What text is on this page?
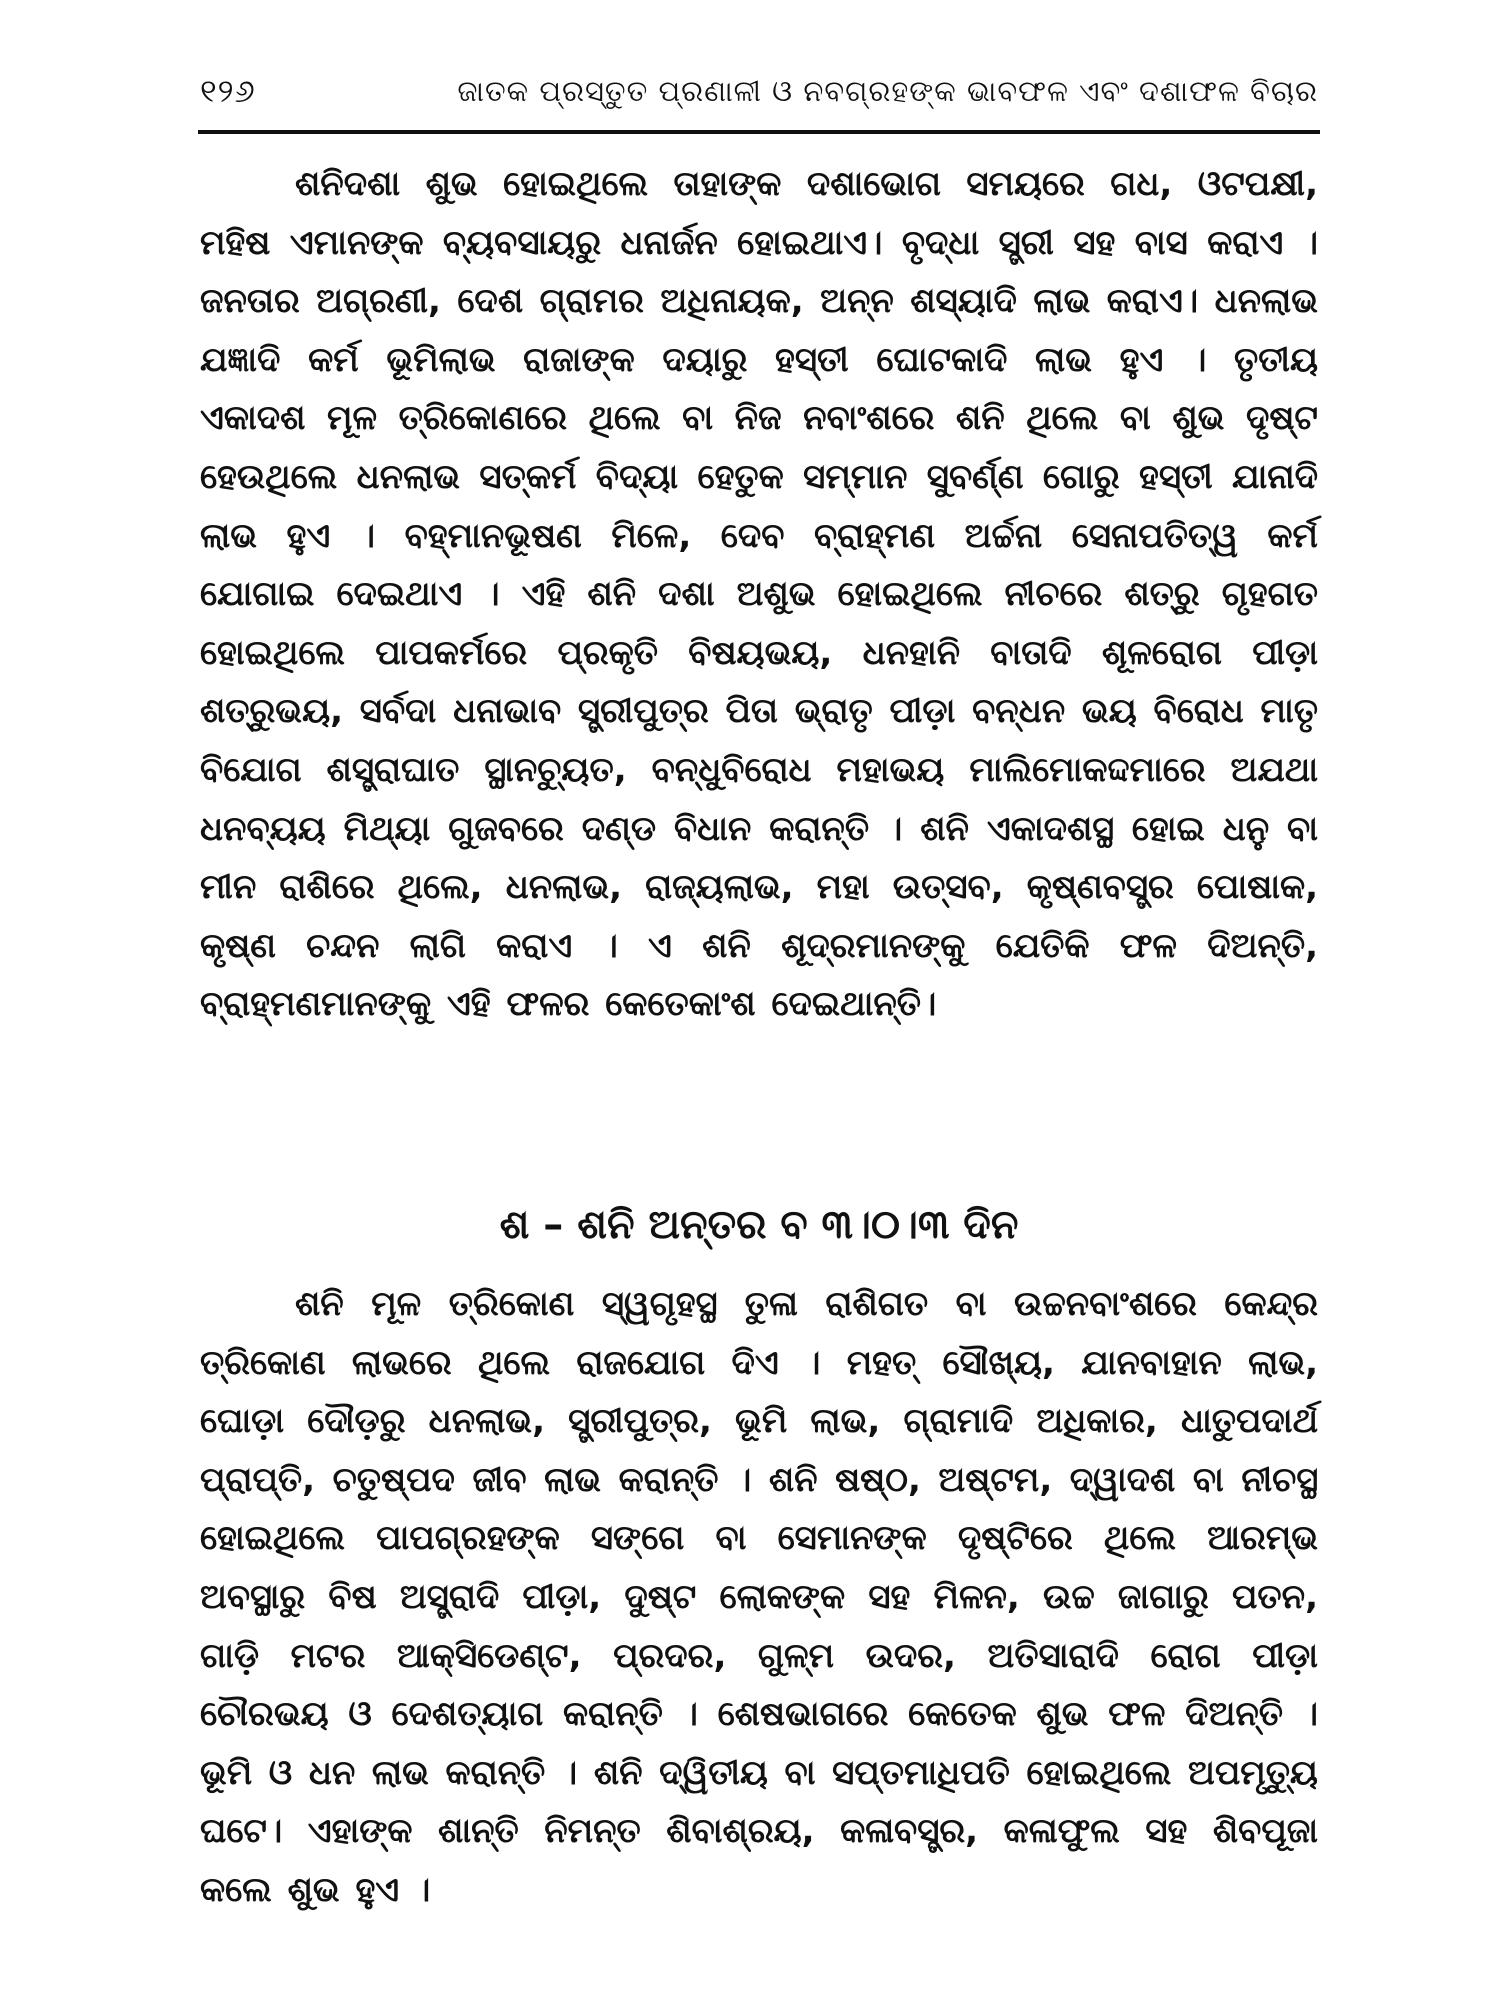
୧୨୬	ଜାତକ ପ୍ରସ୍ତୁତ ପ୍ରଣାଳୀ ଓ ନବଗ୍ରହଙ୍କ ଭାବଫଳ ଏବଂ ଦଶାଫଳ ବିଚାର

ଶନିଦଶା ଶୁଭ ହୋଇଥିଲେ ତାହାଙ୍କ ଦଶାଭୋଗ ସମୟରେ ଗଧ, ଓଟପକ୍ଷୀ, ମହିଷ ଏମାନଙ୍କ ବ୍ୟବସାୟରୁ ଧନାର୍ଜନ ହୋଇଥାଏ। ବୃଦ୍ଧା ସ୍ତ୍ରୀ ସହ ବାସ କରାଏ । ଜନତାର ଅଗ୍ରଣୀ, ଦେଶ ଗ୍ରାମର ଅଧିନାୟକ, ଅନ୍ନ ଶସ୍ୟାଦି ଲାଭ କରାଏ। ଧନଲାଭ ଯଜ୍ଞାଦି କର୍ମ ଭୂମିଲାଭ ରାଜାଙ୍କ ଦୟାରୁ ହସ୍ତୀ ଘୋଟକାଦି ଲାଭ ହୁଏ । ତୃତୀୟ ଏକାଦଶ ମୂଳ ତ୍ରିକୋଣରେ ଥିଲେ ବା ନିଜ ନବାଂଶରେ ଶନି ଥିଲେ ବା ଶୁଭ ଦୃଷ୍ଟ ହେଉଥିଲେ ଧନଲାଭ ସତ୍‌କର୍ମ ବିଦ୍ୟା ହେତୁକ ସମ୍ମାନ ସୁବର୍ଣ୍ଣ ଗୋରୁ ହସ୍ତୀ ଯାନାଦି ଲାଭ ହୁଏ । ବହ୍ମାନଭୂଷଣ ମିଳେ, ଦେବ ବ୍ରାହ୍ମଣ ଅର୍ଚ୍ଚନା ସେନାପତିତ୍ୱ କର୍ମ ଯୋଗାଇ ଦେଇଥାଏ । ଏହି ଶନି ଦଶା ଅଶୁଭ ହୋଇଥିଲେ ନୀଚରେ ଶତ୍ରୁ ଗୃହଗତ ହୋଇଥିଲେ ପାପକର୍ମରେ ପ୍ରକୃତି ବିଷୟଭୟ, ଧନହାନି ବାତାଦି ଶୂଳରୋଗ ପୀଡ଼ା ଶତ୍ରୁଭୟ, ସର୍ବଦା ଧନାଭାବ ସ୍ତ୍ରୀପୁତ୍ର ପିତା ଭ୍ରାତୃ ପୀଡ଼ା ବନ୍ଧନ ଭୟ ବିରୋଧ ମାତୃ ବିଯୋଗ ଶସ୍ତ୍ରାଘାତ ସ୍ଥାନଚ୍ୟୁତ, ବନ୍ଧୁବିରୋଧ ମହାଭୟ ମାଲିମୋକଦ୍ଦମାରେ ଅଯଥା ଧନବ୍ୟୟ ମିଥ୍ୟା ଗୁଜବରେ ଦଣ୍ଡ ବିଧାନ କରାନ୍ତି । ଶନି ଏକାଦଶସ୍ଥ ହୋଇ ଧନୁ ବା ମୀନ ରାଶିରେ ଥିଲେ, ଧନଲାଭ, ରାଜ୍ୟଲାଭ, ମହା ଉତ୍ସବ, କୃଷ୍ଣବସ୍ତ୍ର ପୋଷାକ, କୃଷ୍ଣ ଚନ୍ଦନ ଲାଗି କରାଏ । ଏ ଶନି ଶୂଦ୍ରମାନଙ୍କୁ ଯେତିକି ଫଳ ଦିଅନ୍ତି, ବ୍ରାହ୍ମଣମାନଙ୍କୁ ଏହି ଫଳର କେତେକାଂଶ ଦେଇଥାନ୍ତି।

ଶ – ଶନି ଅନ୍ତର ବ ୩।୦।୩ ଦିନ

ଶନି ମୂଳ ତ୍ରିକୋଣ ସ୍ୱଗୃହସ୍ଥ ତୁଳା ରାଶିଗତ ବା ଉଚ୍ଚନବାଂଶରେ କେନ୍ଦ୍ର ତ୍ରିକୋଣ ଲାଭରେ ଥିଲେ ରାଜଯୋଗ ଦିଏ । ମହତ୍ ସୌଖ୍ୟ, ଯାନବାହାନ ଲାଭ, ଘୋଡ଼ା ଦୌଡ଼ରୁ ଧନଲାଭ, ସ୍ତ୍ରୀପୁତ୍ର, ଭୂମି ଲାଭ, ଗ୍ରାମାଦି ଅଧିକାର, ଧାତୁପଦାର୍ଥ ପ୍ରାପ୍ତି, ଚତୁଷ୍ପଦ ଜୀବ ଲାଭ କରାନ୍ତି । ଶନି ଷଷ୍ଠ, ଅଷ୍ଟମ, ଦ୍ୱାଦଶ ବା ନୀଚସ୍ଥ ହୋଇଥିଲେ ପାପଗ୍ରହଙ୍କ ସଙ୍ଗେ ବା ସେମାନଙ୍କ ଦୃଷ୍ଟିରେ ଥିଲେ ଆରମ୍ଭ ଅବସ୍ଥାରୁ ବିଷ ଅସ୍ତ୍ରାଦି ପୀଡ଼ା, ଦୁଷ୍ଟ ଲୋକଙ୍କ ସହ ମିଳନ, ଉଚ୍ଚ ଜାଗାରୁ ପତନ, ଗାଡ଼ି ମଟର ଆକ୍ସିଡେଣ୍ଟ, ପ୍ରଦର, ଗୁଳ୍ମ ଉଦର, ଅତିସାରାଦି ରୋଗ ପୀଡ଼ା ଚୌରଭୟ ଓ ଦେଶତ୍ୟାଗ କରାନ୍ତି । ଶେଷଭାଗରେ କେତେକ ଶୁଭ ଫଳ ଦିଅନ୍ତି । ଭୂମି ଓ ଧନ ଲାଭ କରାନ୍ତି । ଶନି ଦ୍ୱିତୀୟ ବା ସପ୍ତମାଧିପତି ହୋଇଥିଲେ ଅପମୃତ୍ୟୁ ଘଟେ। ଏହାଙ୍କ ଶାନ୍ତି ନିମନ୍ତ ଶିବାଶ୍ରୟ, କଳାବସ୍ତ୍ର, କଳାଫୁଲ ସହ ଶିବପୂଜା କଲେ ଶୁଭ ହୁଏ ।
